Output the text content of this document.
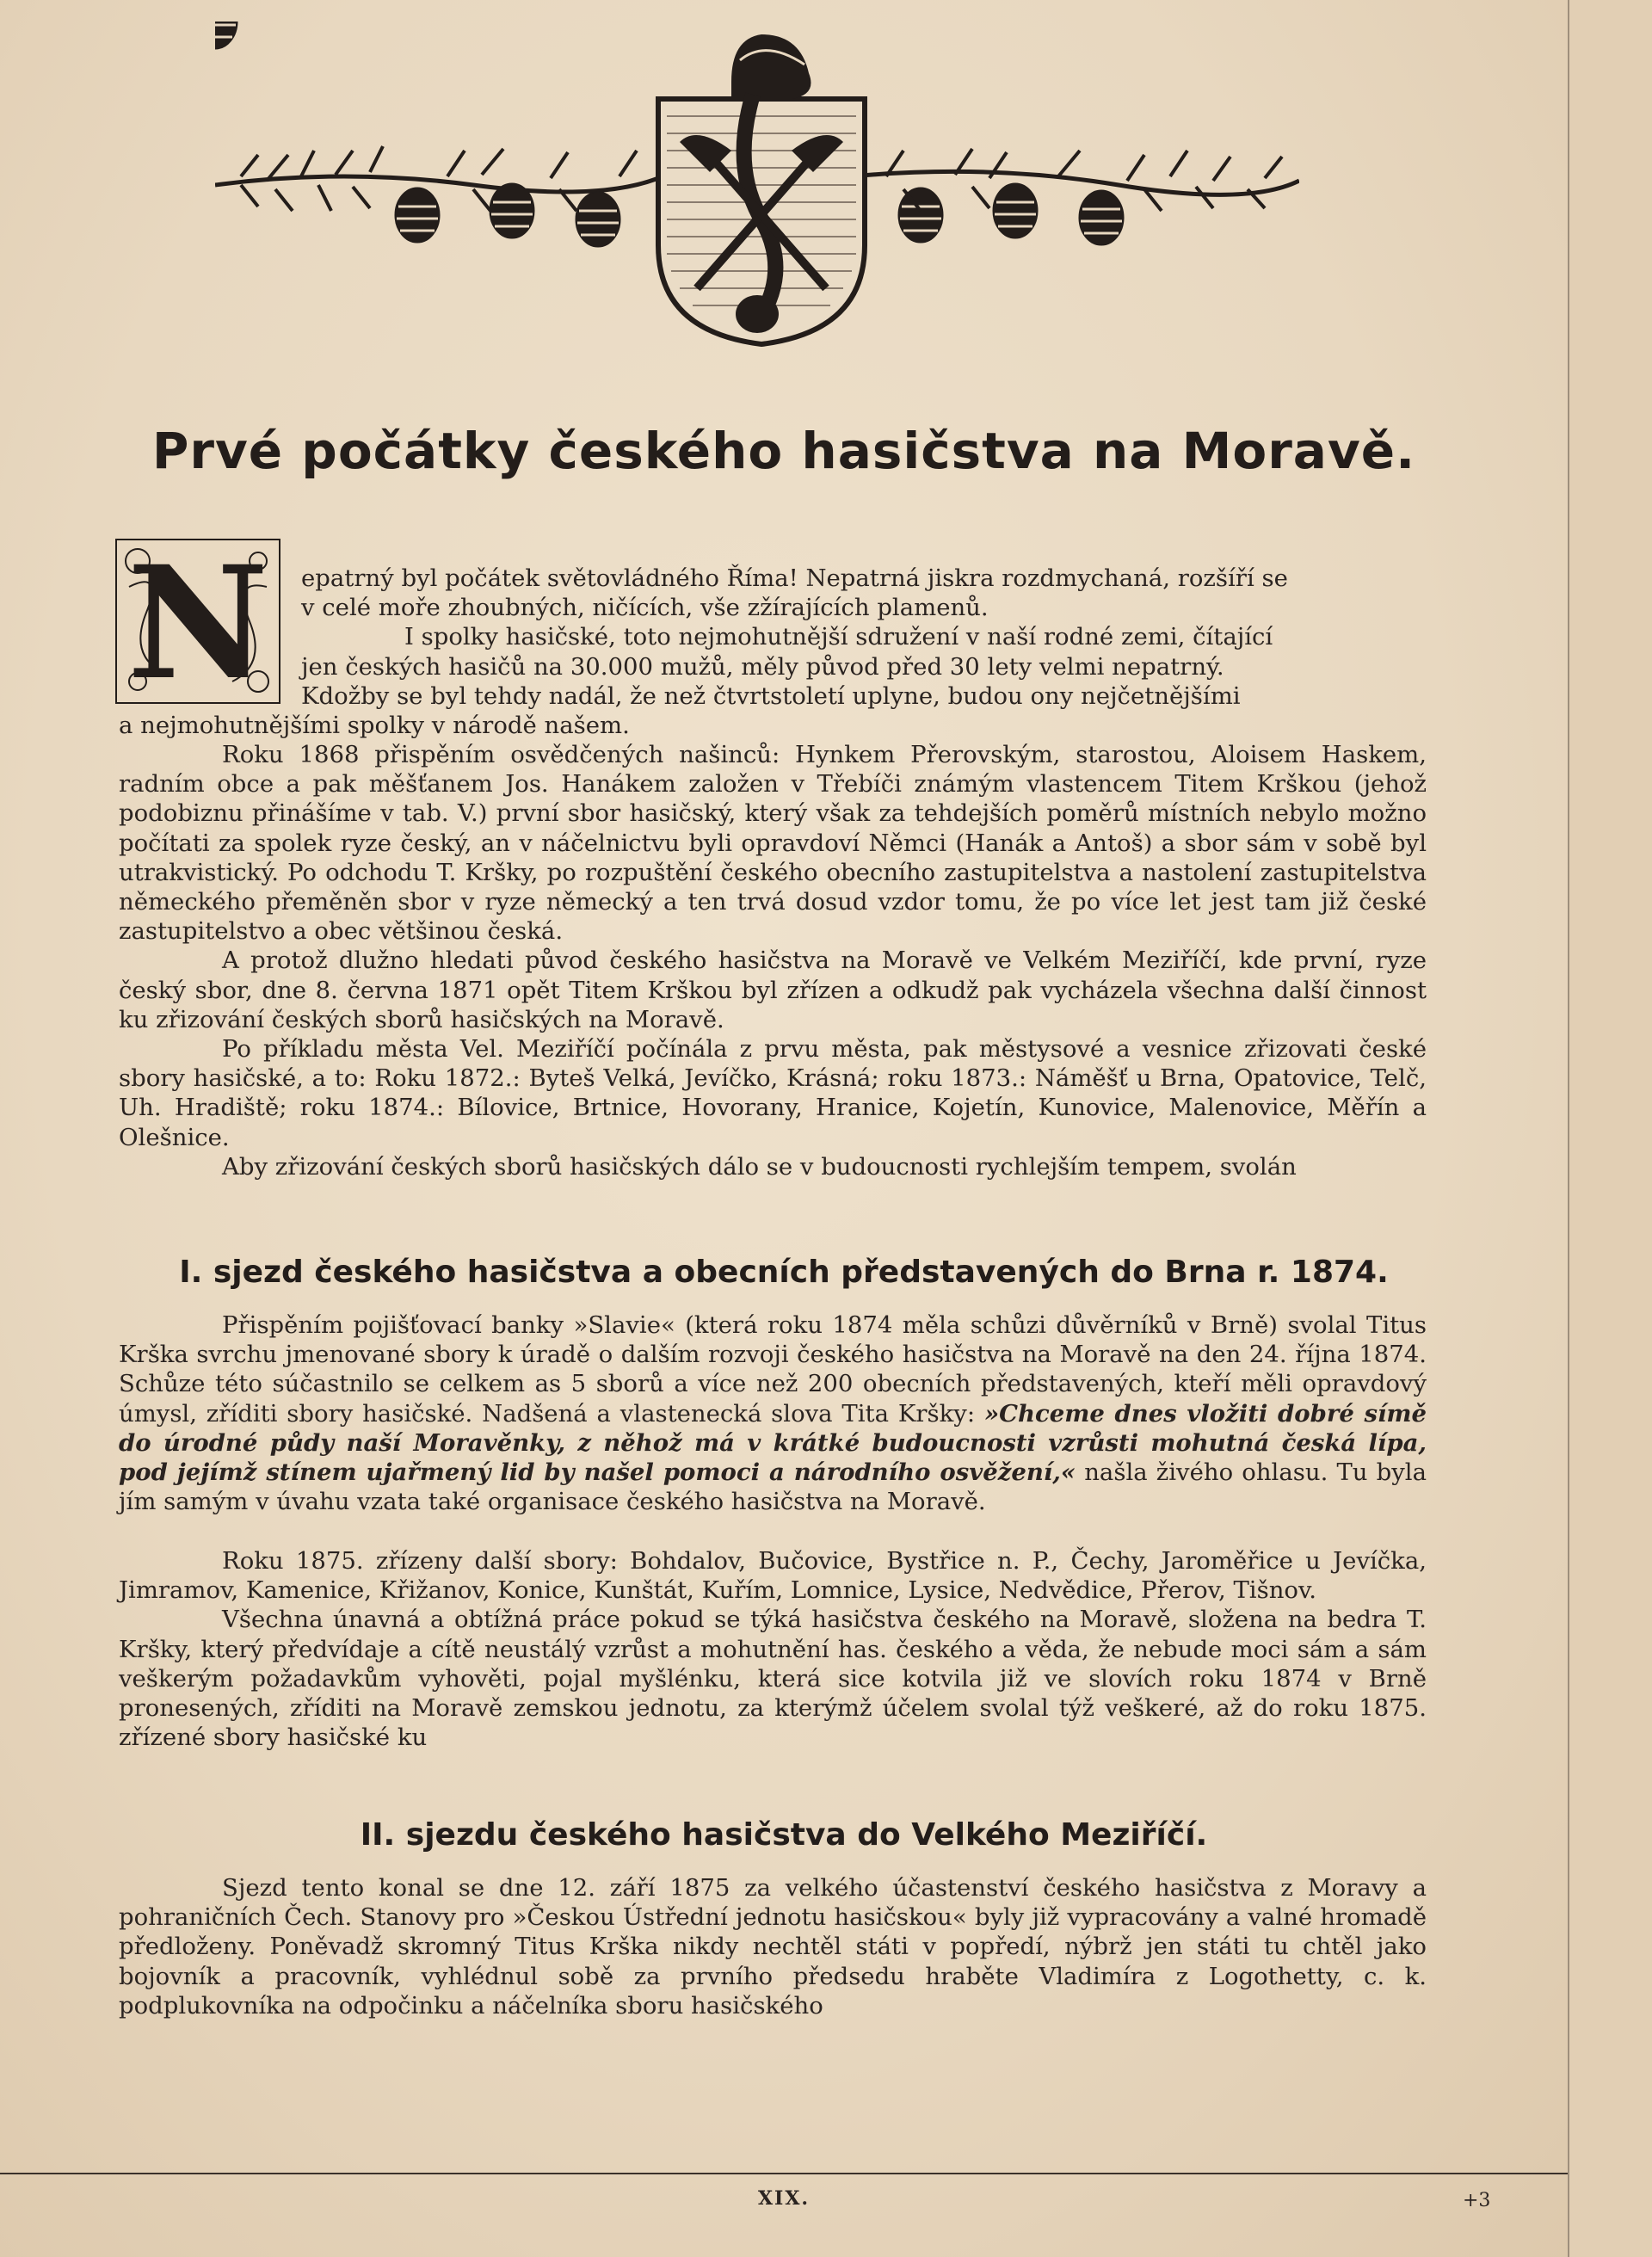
Prvé počátky českého hasičstva na Moravě.
N epatrný byl počátek světovládného Říma! Nepatrná jiskra rozdmychaná, rozšíří se
v celé moře zhoubných, ničících, vše zžírajících plamenů.
I spolky hasičské, toto nejmohutnější sdružení v naší rodné zemi, čítající
jen českých hasičů na 30.000 mužů, měly původ před 30 lety velmi nepatrný.
Kdožby se byl tehdy nadál, že než čtvrtstoletí uplyne, budou ony nejčetnějšími
a nejmohutnějšími spolky v národě našem.

Roku 1868 přispěním osvědčených našinců: Hynkem Přerovským, starostou, Aloisem Haskem, radním obce a pak měšťanem Jos. Hanákem založen v Třebíči známým vlastencem Titem Krškou (jehož podobiznu přinášíme v tab. V.) první sbor hasičský, který však za tehdejších poměrů místních nebylo možno počítati za spolek ryze český, an v náčelnictvu byli opravdoví Němci (Hanák a Antoš) a sbor sám v sobě byl utrakvistický. Po odchodu T. Kršky, po rozpuštění českého obecního zastupitelstva a nastolení zastupitelstva německého přeměněn sbor v ryze německý a ten trvá dosud vzdor tomu, že po více let jest tam již české zastupitelstvo a obec většinou česká.

A protož dlužno hledati původ českého hasičstva na Moravě ve Velkém Meziříčí, kde první, ryze český sbor, dne 8. června 1871 opět Titem Krškou byl zřízen a odkudž pak vycházela všechna další činnost ku zřizování českých sborů hasičských na Moravě.

Po příkladu města Vel. Meziříčí počínála z prvu města, pak městysové a vesnice zřizovati české sbory hasičské, a to: Roku 1872.: Byteš Velká, Jevíčko, Krásná; roku 1873.: Náměšť u Brna, Opatovice, Telč, Uh. Hradiště; roku 1874.: Bílovice, Brtnice, Hovorany, Hranice, Kojetín, Kunovice, Malenovice, Měřín a Olešnice.

Aby zřizování českých sborů hasičských dálo se v budoucnosti rychlejším tempem, svolán

I. sjezd českého hasičstva a obecních představených do Brna r. 1874.

Přispěním pojišťovací banky »Slavie« (která roku 1874 měla schůzi důvěrníků v Brně) svolal Titus Krška svrchu jmenované sbory k úradě o dalším rozvoji českého hasičstva na Moravě na den 24. října 1874. Schůze této súčastnilo se celkem as 5 sborů a více než 200 obecních představených, kteří měli opravdový úmysl, zříditi sbory hasičské. Nadšená a vlastenecká slova Tita Kršky: »Chceme dnes vložiti dobré símě do úrodné půdy naší Moravěnky, z něhož má v krátké budoucnosti vzrůsti mohutná česká lípa, pod jejímž stínem ujařmený lid by našel pomoci a národního osvěžení,« našla živého ohlasu. Tu byla jím samým v úvahu vzata také organisace českého hasičstva na Moravě.

Roku 1875. zřízeny další sbory: Bohdalov, Bučovice, Bystřice n. P., Čechy, Jaroměřice u Jevíčka, Jimramov, Kamenice, Křižanov, Konice, Kunštát, Kuřím, Lomnice, Lysice, Nedvědice, Přerov, Tišnov.

Všechna únavná a obtížná práce pokud se týká hasičstva českého na Moravě, složena na bedra T. Kršky, který předvídaje a cítě neustálý vzrůst a mohutnění has. českého a věda, že nebude moci sám a sám veškerým požadavkům vyhověti, pojal myšlénku, která sice kotvila již ve slovích roku 1874 v Brně pronesených, zříditi na Moravě zemskou jednotu, za kterýmž účelem svolal týž veškeré, až do roku 1875. zřízené sbory hasičské ku

II. sjezdu českého hasičstva do Velkého Meziříčí.

Sjezd tento konal se dne 12. září 1875 za velkého účastenství českého hasičstva z Moravy a pohraničních Čech. Stanovy pro »Českou Ústřední jednotu hasičskou« byly již vypracovány a valné hromadě předloženy. Poněvadž skromný Titus Krška nikdy nechtěl státi v popředí, nýbrž jen státi tu chtěl jako bojovník a pracovník, vyhlédnul sobě za prvního předsedu hraběte Vladimíra z Logothetty, c. k. podplukovníka na odpočinku a náčelníka sboru hasičského

XIX.	+3
